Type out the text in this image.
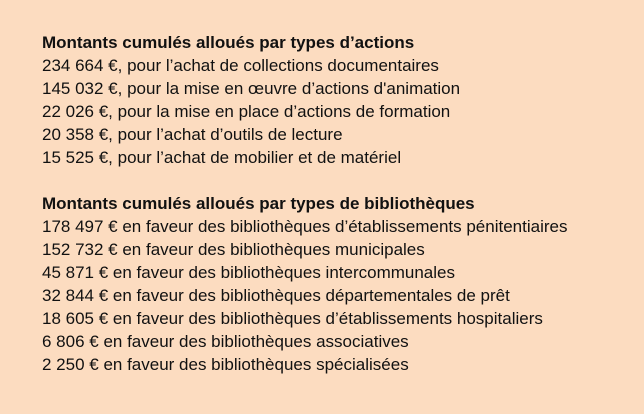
Montants cumulés alloués par types d’actions
234 664 €, pour l’achat de collections documentaires
145 032 €, pour la mise en œuvre d’actions d'animation
22 026 €, pour la mise en place d’actions de formation
20 358 €, pour l’achat d’outils de lecture
15 525 €, pour l’achat de mobilier et de matériel
Montants cumulés alloués par types de bibliothèques
178 497 € en faveur des bibliothèques d’établissements pénitentiaires
152 732 € en faveur des bibliothèques municipales
45 871 € en faveur des bibliothèques intercommunales
32 844 € en faveur des bibliothèques départementales de prêt
18 605 € en faveur des bibliothèques d’établissements hospitaliers
6 806 € en faveur des bibliothèques associatives
2 250 € en faveur des bibliothèques spécialisées
